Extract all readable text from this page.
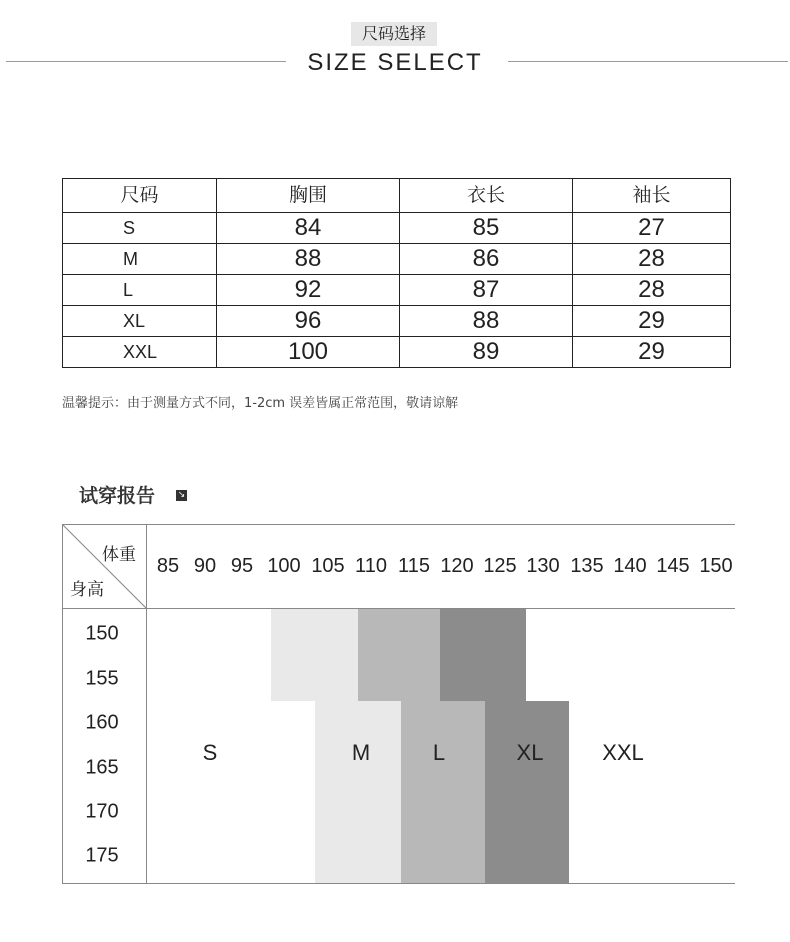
尺码选择
SIZE SELECT
尺码	胸围	衣长	袖长
S	84	85	27
M	88	86	28
L	92	87	28
XL	96	88	29
XXL	100	89	29
温馨提示：由于测量方式不同，1-2cm 误差皆属正常范围，敬请谅解
试穿报告	↘
体重
身高
85 90 95 100 105 110 115 120 125 130 135 140 145 150
150
155
160
165
170
175
S	M	L	XL	XXL
